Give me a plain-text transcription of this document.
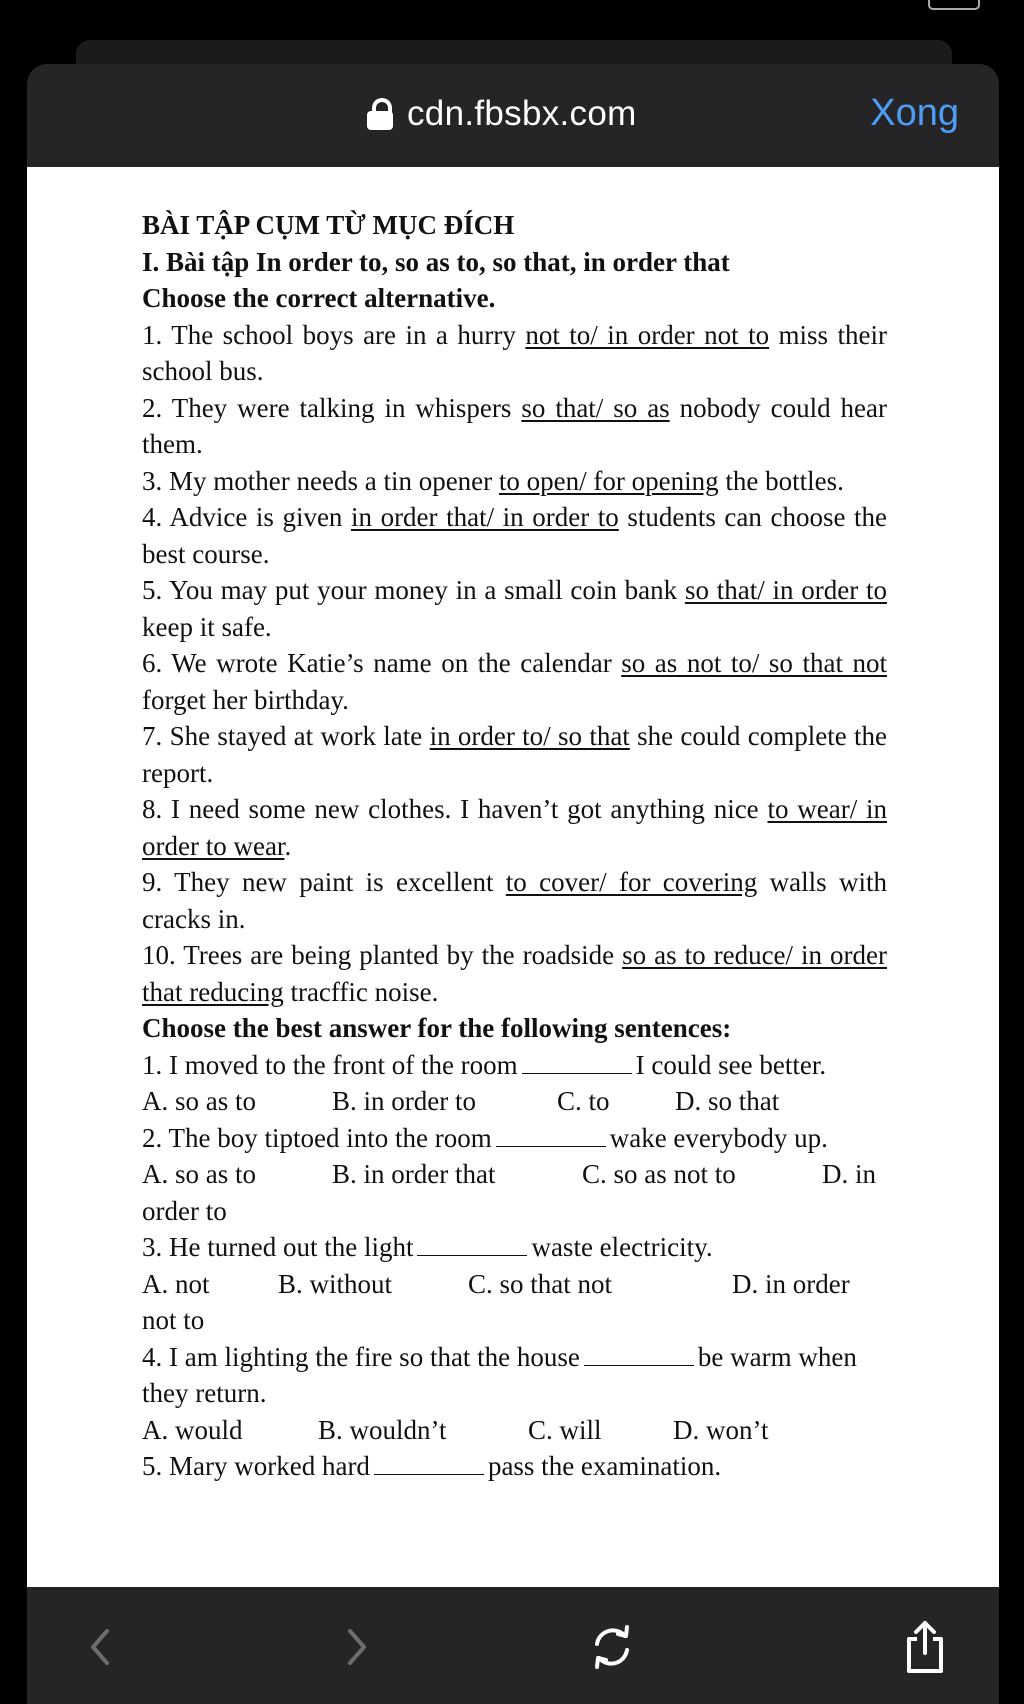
cdn.fbsbx.com	Xong

BÀI TẬP CỤM TỪ MỤC ĐÍCH

I. Bài tập In order to, so as to, so that, in order that

Choose the correct alternative.

1. The school boys are in a hurry not to/ in order not to miss their school bus.

2. They were talking in whispers so that/ so as nobody could hear them.

3. My mother needs a tin opener to open/ for opening the bottles.

4. Advice is given in order that/ in order to students can choose the best course.

5. You may put your money in a small coin bank so that/ in order to keep it safe.

6. We wrote Katie’s name on the calendar so as not to/ so that not forget her birthday.

7. She stayed at work late in order to/ so that she could complete the report.

8. I need some new clothes. I haven’t got anything nice to wear/ in order to wear.

9. They new paint is excellent to cover/ for covering walls with cracks in.

10. Trees are being planted by the roadside so as to reduce/ in order that reducing tracffic noise.

Choose the best answer for the following sentences:

1. I moved to the front of the room	I could see better.

A. so as to	B. in order to	C. to D. so that

2. The boy tiptoed into the room	wake everybody up.

A. so as to	B. in order that	C. so as not to	D. in order to

3. He turned out the light	waste electricity.

A. not	B. without	C. so that not	D. in order not to

4. I am lighting the fire so that the house	be warm when they return.

A. would	B. wouldn’t	C. will	D. won’t

5. Mary worked hard	pass the examination.
